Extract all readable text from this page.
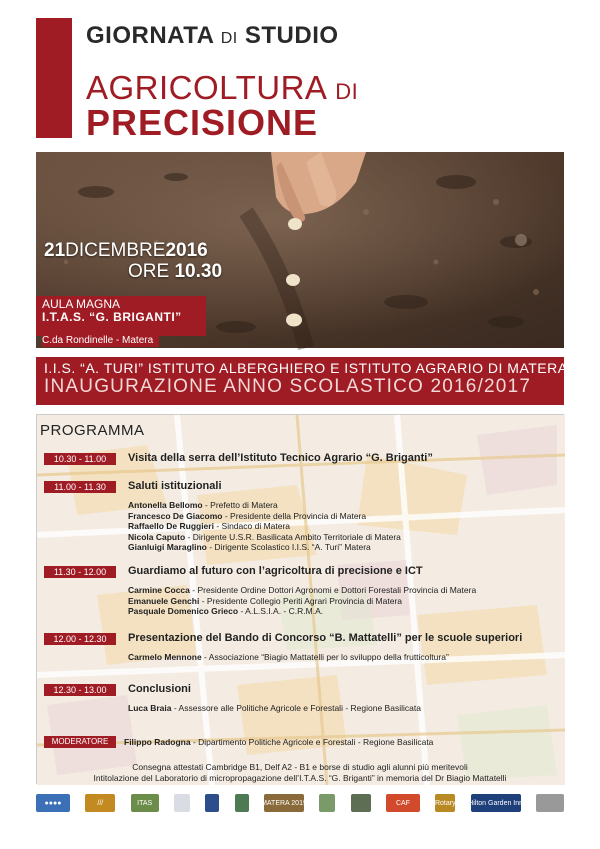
GIORNATA DI STUDIO
AGRICOLTURA DI
PRECISIONE
21DICEMBRE2016
ORE 10.30
AULA MAGNA
I.T.A.S. “G. BRIGANTI”
C.da Rondinelle - Matera
I.I.S. “A. TURI” ISTITUTO ALBERGHIERO E ISTITUTO AGRARIO DI MATERA
INAUGURAZIONE ANNO SCOLASTICO 2016/2017
PROGRAMMA
10.30 - 11.00	Visita della serra dell’Istituto Tecnico Agrario “G. Briganti”
11.00 - 11.30	Saluti istituzionali
Antonella Bellomo - Prefetto di Matera
Francesco De Giacomo - Presidente della Provincia di Matera
Raffaello De Ruggieri - Sindaco di Matera
Nicola Caputo - Dirigente U.S.R. Basilicata Ambito Territoriale di Matera
Gianluigi Maraglino - Dirigente Scolastico I.I.S. “A. Turi” Matera
11.30 - 12.00	Guardiamo al futuro con l’agricoltura di precisione e ICT
Carmine Cocca - Presidente Ordine Dottori Agronomi e Dottori Forestali Provincia di Matera
Emanuele Genchi - Presidente Collegio Periti Agrari Provincia di Matera
Pasquale Domenico Grieco - A.L.S.I.A. - C.R.M.A.
12.00 - 12.30	Presentazione del Bando di Concorso “B. Mattatelli” per le scuole superiori
Carmelo Mennone - Associazione “Biagio Mattatelli per lo sviluppo della frutticoltura”
12.30 - 13.00	Conclusioni
Luca Braia - Assessore alle Politiche Agricole e Forestali - Regione Basilicata
MODERATORE	Filippo Radogna - Dipartimento Politiche Agricole e Forestali - Regione Basilicata
Consegna attestati Cambridge B1, Delf A2 - B1 e borse di studio agli alunni più meritevoli
Intitolazione del Laboratorio di micropropagazione dell’I.T.A.S. “G. Briganti” in memoria del Dr Biagio Mattatelli
●●●●	///	ITAS	MATERA 2019	CAF	Rotary Hilton Garden Inn
